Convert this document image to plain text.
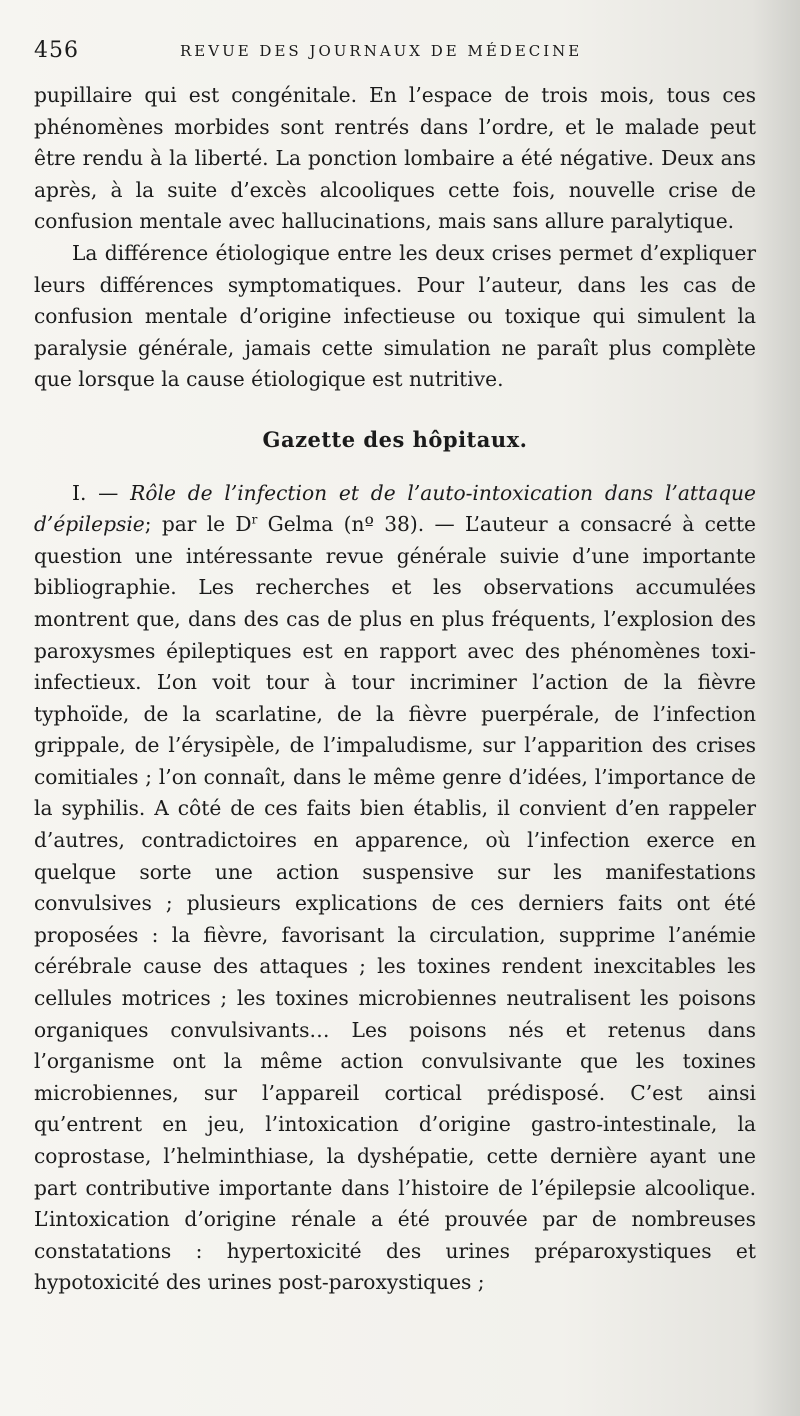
456	REVUE DES JOURNAUX DE MÉDECINE

pupillaire qui est congénitale. En l’espace de trois mois, tous ces phénomènes morbides sont rentrés dans l’ordre, et le malade peut être rendu à la liberté. La ponction lombaire a été négative. Deux ans après, à la suite d’excès alcooliques cette fois, nouvelle crise de confusion mentale avec hallucinations, mais sans allure paralytique.

La différence étiologique entre les deux crises permet d’expliquer leurs différences symptomatiques. Pour l’auteur, dans les cas de confusion mentale d’origine infectieuse ou toxique qui simulent la paralysie générale, jamais cette simulation ne paraît plus complète que lorsque la cause étiologique est nutritive.

Gazette des hôpitaux.

I. — Rôle de l’infection et de l’auto-intoxication dans l’attaque d’épilepsie; par le $D^r$ Gelma (nº 38). — L’auteur a consacré à cette question une intéressante revue générale suivie d’une importante bibliographie. Les recherches et les observations accumulées montrent que, dans des cas de plus en plus fréquents, l’explosion des paroxysmes épileptiques est en rapport avec des phénomènes toxi-infectieux. L’on voit tour à tour incriminer l’action de la fièvre typhoïde, de la scarlatine, de la fièvre puerpérale, de l’infection grippale, de l’érysipèle, de l’impaludisme, sur l’apparition des crises comitiales ; l’on connaît, dans le même genre d’idées, l’importance de la syphilis. A côté de ces faits bien établis, il convient d’en rappeler d’autres, contradictoires en apparence, où l’infection exerce en quelque sorte une action suspensive sur les manifestations convulsives ; plusieurs explications de ces derniers faits ont été proposées : la fièvre, favorisant la circulation, supprime l’anémie cérébrale cause des attaques ; les toxines rendent inexcitables les cellules motrices ; les toxines microbiennes neutralisent les poisons organiques convulsivants… Les poisons nés et retenus dans l’organisme ont la même action convulsivante que les toxines microbiennes, sur l’appareil cortical prédisposé. C’est ainsi qu’entrent en jeu, l’intoxication d’origine gastro-intestinale, la coprostase, l’helminthiase, la dyshépatie, cette dernière ayant une part contributive importante dans l’histoire de l’épilepsie alcoolique. L’intoxication d’origine rénale a été prouvée par de nombreuses constatations : hypertoxicité des urines préparoxystiques et hypotoxicité des urines post-paroxystiques ;
